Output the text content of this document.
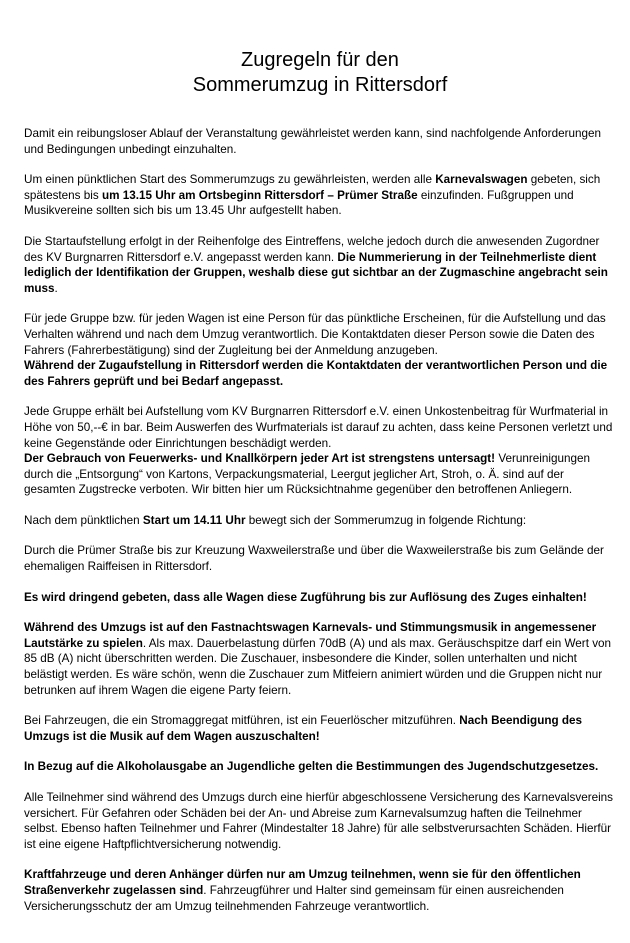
Zugregeln für den
Sommerumzug in Rittersdorf

Damit ein reibungsloser Ablauf der Veranstaltung gewährleistet werden kann, sind nachfolgende Anforderungen und Bedingungen unbedingt einzuhalten.

Um einen pünktlichen Start des Sommerumzugs zu gewährleisten, werden alle Karnevalswagen gebeten, sich spätestens bis um 13.15 Uhr am Ortsbeginn Rittersdorf – Prümer Straße einzufinden. Fußgruppen und Musikvereine sollten sich bis um 13.45 Uhr aufgestellt haben.

Die Startaufstellung erfolgt in der Reihenfolge des Eintreffens, welche jedoch durch die anwesenden Zugordner des KV Burgnarren Rittersdorf e.V. angepasst werden kann. Die Nummerierung in der Teilnehmerliste dient lediglich der Identifikation der Gruppen, weshalb diese gut sichtbar an der Zugmaschine angebracht sein muss.

Für jede Gruppe bzw. für jeden Wagen ist eine Person für das pünktliche Erscheinen, für die Aufstellung und das Verhalten während und nach dem Umzug verantwortlich. Die Kontaktdaten dieser Person sowie die Daten des Fahrers (Fahrerbestätigung) sind der Zugleitung bei der Anmeldung anzugeben.
Während der Zugaufstellung in Rittersdorf werden die Kontaktdaten der verantwortlichen Person und die des Fahrers geprüft und bei Bedarf angepasst.

Jede Gruppe erhält bei Aufstellung vom KV Burgnarren Rittersdorf e.V. einen Unkostenbeitrag für Wurfmaterial in Höhe von 50,--€ in bar. Beim Auswerfen des Wurfmaterials ist darauf zu achten, dass keine Personen verletzt und keine Gegenstände oder Einrichtungen beschädigt werden.
Der Gebrauch von Feuerwerks- und Knallkörpern jeder Art ist strengstens untersagt! Verunreinigungen durch die „Entsorgung“ von Kartons, Verpackungsmaterial, Leergut jeglicher Art, Stroh, o. Ä. sind auf der gesamten Zugstrecke verboten. Wir bitten hier um Rücksichtnahme gegenüber den betroffenen Anliegern.

Nach dem pünktlichen Start um 14.11 Uhr bewegt sich der Sommerumzug in folgende Richtung:

Durch die Prümer Straße bis zur Kreuzung Waxweilerstraße und über die Waxweilerstraße bis zum Gelände der ehemaligen Raiffeisen in Rittersdorf.

Es wird dringend gebeten, dass alle Wagen diese Zugführung bis zur Auflösung des Zuges einhalten!

Während des Umzugs ist auf den Fastnachtswagen Karnevals- und Stimmungsmusik in angemessener Lautstärke zu spielen. Als max. Dauerbelastung dürfen 70dB (A) und als max. Geräuschspitze darf ein Wert von 85 dB (A) nicht überschritten werden. Die Zuschauer, insbesondere die Kinder, sollen unterhalten und nicht belästigt werden. Es wäre schön, wenn die Zuschauer zum Mitfeiern animiert würden und die Gruppen nicht nur betrunken auf ihrem Wagen die eigene Party feiern.

Bei Fahrzeugen, die ein Stromaggregat mitführen, ist ein Feuerlöscher mitzuführen. Nach Beendigung des Umzugs ist die Musik auf dem Wagen auszuschalten!

In Bezug auf die Alkoholausgabe an Jugendliche gelten die Bestimmungen des Jugendschutzgesetzes.

Alle Teilnehmer sind während des Umzugs durch eine hierfür abgeschlossene Versicherung des Karnevalsvereins versichert. Für Gefahren oder Schäden bei der An- und Abreise zum Karnevalsumzug haften die Teilnehmer selbst. Ebenso haften Teilnehmer und Fahrer (Mindestalter 18 Jahre) für alle selbstverursachten Schäden. Hierfür ist eine eigene Haftpflichtversicherung notwendig.

Kraftfahrzeuge und deren Anhänger dürfen nur am Umzug teilnehmen, wenn sie für den öffentlichen Straßenverkehr zugelassen sind. Fahrzeugführer und Halter sind gemeinsam für einen ausreichenden Versicherungsschutz der am Umzug teilnehmenden Fahrzeuge verantwortlich.
